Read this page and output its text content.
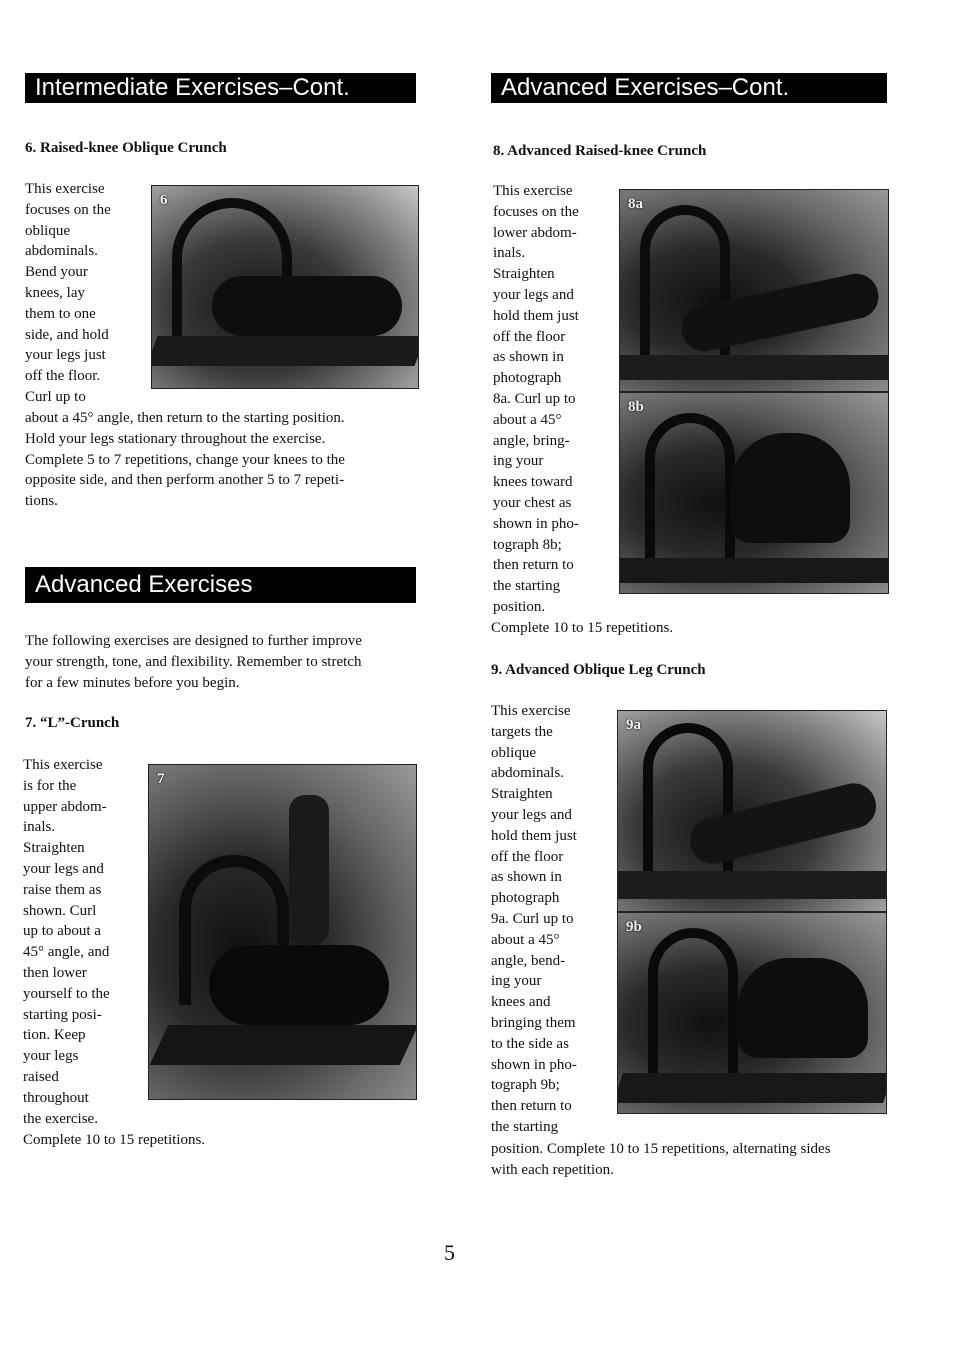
Intermediate Exercises–Cont.
6. Raised-knee Oblique Crunch
This exercise
focuses on the
oblique
abdominals.
Bend your
knees, lay
them to one
side, and hold
your legs just
off the floor.
Curl up to
6
about a 45° angle, then return to the starting position.
Hold your legs stationary throughout the exercise.
Complete 5 to 7 repetitions, change your knees to the
opposite side, and then perform another 5 to 7 repeti-
tions.
Advanced Exercises
The following exercises are designed to further improve
your strength, tone, and flexibility. Remember to stretch
for a few minutes before you begin.
7. “L”-Crunch
This exercise
is for the
upper abdom-
inals.
Straighten
your legs and
raise them as
shown. Curl
up to about a
45° angle, and
then lower
yourself to the
starting posi-
tion. Keep
your legs
raised
throughout
the exercise.
7
Complete 10 to 15 repetitions.
Advanced Exercises–Cont.
8. Advanced Raised-knee Crunch
This exercise
focuses on the
lower abdom-
inals.
Straighten
your legs and
hold them just
off the floor
as shown in
photograph
8a. Curl up to
about a 45°
angle, bring-
ing your
knees toward
your chest as
shown in pho-
tograph 8b;
then return to
the starting
position.
8a
8b
Complete 10 to 15 repetitions.
9. Advanced Oblique Leg Crunch
This exercise
targets the
oblique
abdominals.
Straighten
your legs and
hold them just
off the floor
as shown in
photograph
9a. Curl up to
about a 45°
angle, bend-
ing your
knees and
bringing them
to the side as
shown in pho-
tograph 9b;
then return to
the starting
9a
9b
position. Complete 10 to 15 repetitions, alternating sides
with each repetition.
5
